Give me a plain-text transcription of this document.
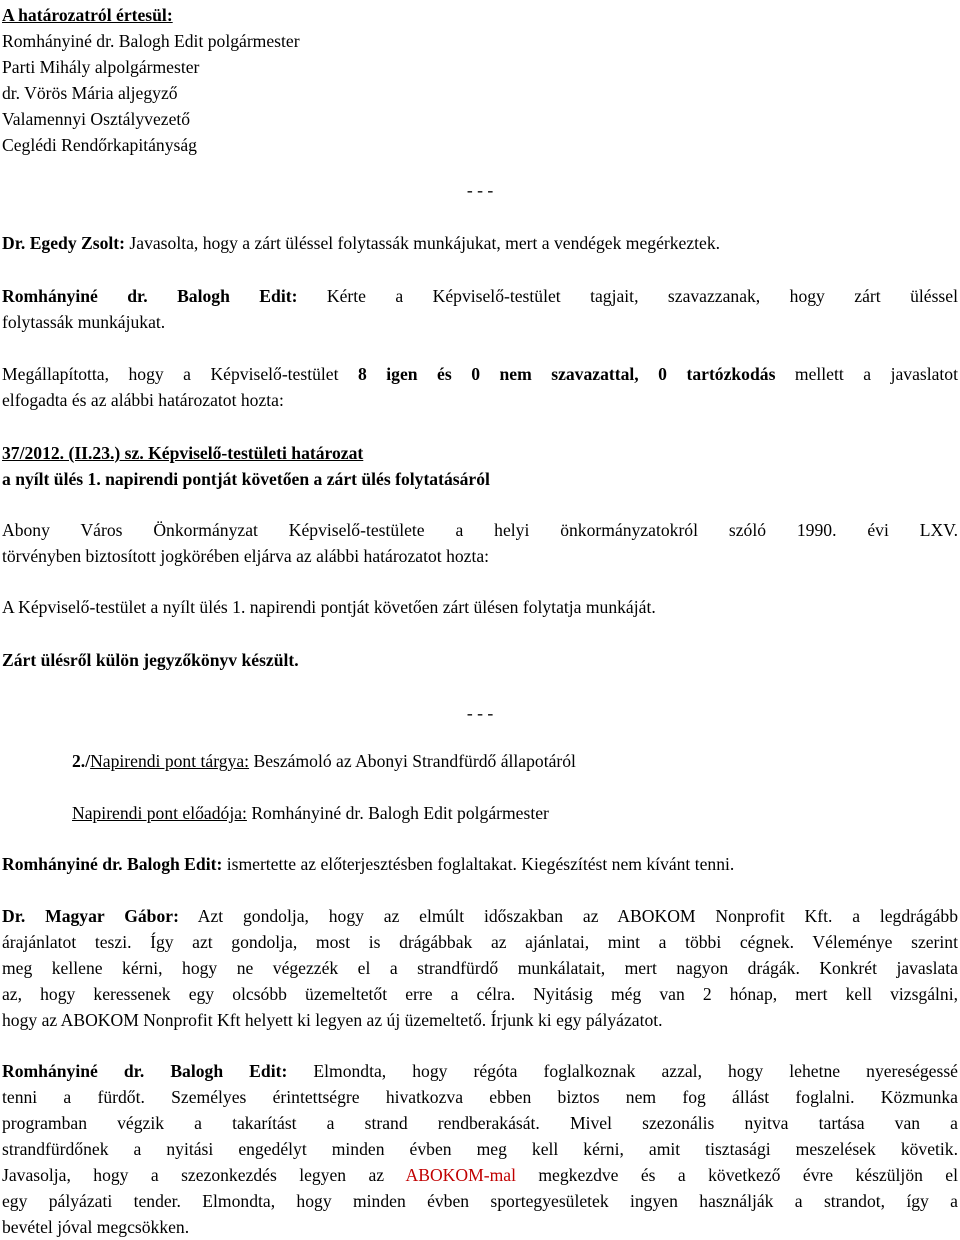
A határozatról értesül:
Romhányiné dr. Balogh Edit polgármester
Parti Mihály alpolgármester
dr. Vörös Mária aljegyző
Valamennyi Osztályvezető
Ceglédi Rendőrkapitányság
- - -
Dr. Egedy Zsolt: Javasolta, hogy a zárt üléssel folytassák munkájukat, mert a vendégek megérkeztek.
Romhányiné dr. Balogh Edit: Kérte a Képviselő-testület tagjait, szavazzanak, hogy zárt üléssel
folytassák munkájukat.
Megállapította, hogy a Képviselő-testület 8 igen és 0 nem szavazattal, 0 tartózkodás mellett a javaslatot
elfogadta és az alábbi határozatot hozta:
37/2012. (II.23.) sz. Képviselő-testületi határozat
a nyílt ülés 1. napirendi pontját követően a zárt ülés folytatásáról
Abony Város Önkormányzat Képviselő-testülete a helyi önkormányzatokról szóló 1990. évi LXV.
törvényben biztosított jogkörében eljárva az alábbi határozatot hozta:
A Képviselő-testület a nyílt ülés 1. napirendi pontját követően zárt ülésen folytatja munkáját.
Zárt ülésről külön jegyzőkönyv készült.
- - -
2./Napirendi pont tárgya: Beszámoló az Abonyi Strandfürdő állapotáról
Napirendi pont előadója: Romhányiné dr. Balogh Edit polgármester
Romhányiné dr. Balogh Edit: ismertette az előterjesztésben foglaltakat. Kiegészítést nem kívánt tenni.
Dr. Magyar Gábor: Azt gondolja, hogy az elmúlt időszakban az ABOKOM Nonprofit Kft. a legdrágább
árajánlatot teszi. Így azt gondolja, most is drágábbak az ajánlatai, mint a többi cégnek. Véleménye szerint
meg kellene kérni, hogy ne végezzék el a strandfürdő munkálatait, mert nagyon drágák. Konkrét javaslata
az, hogy keressenek egy olcsóbb üzemeltetőt erre a célra. Nyitásig még van 2 hónap, mert kell vizsgálni,
hogy az ABOKOM Nonprofit Kft helyett ki legyen az új üzemeltető. Írjunk ki egy pályázatot.
Romhányiné dr. Balogh Edit: Elmondta, hogy régóta foglalkoznak azzal, hogy lehetne nyereségessé
tenni a fürdőt. Személyes érintettségre hivatkozva ebben biztos nem fog állást foglalni. Közmunka
programban végzik a takarítást a strand rendberakását. Mivel szezonális nyitva tartása van a
strandfürdőnek a nyitási engedélyt minden évben meg kell kérni, amit tisztasági meszelések követik.
Javasolja, hogy a szezonkezdés legyen az ABOKOM-mal megkezdve és a következő évre készüljön el
egy pályázati tender. Elmondta, hogy minden évben sportegyesületek ingyen használják a strandot, így a
bevétel jóval megcsökken.
